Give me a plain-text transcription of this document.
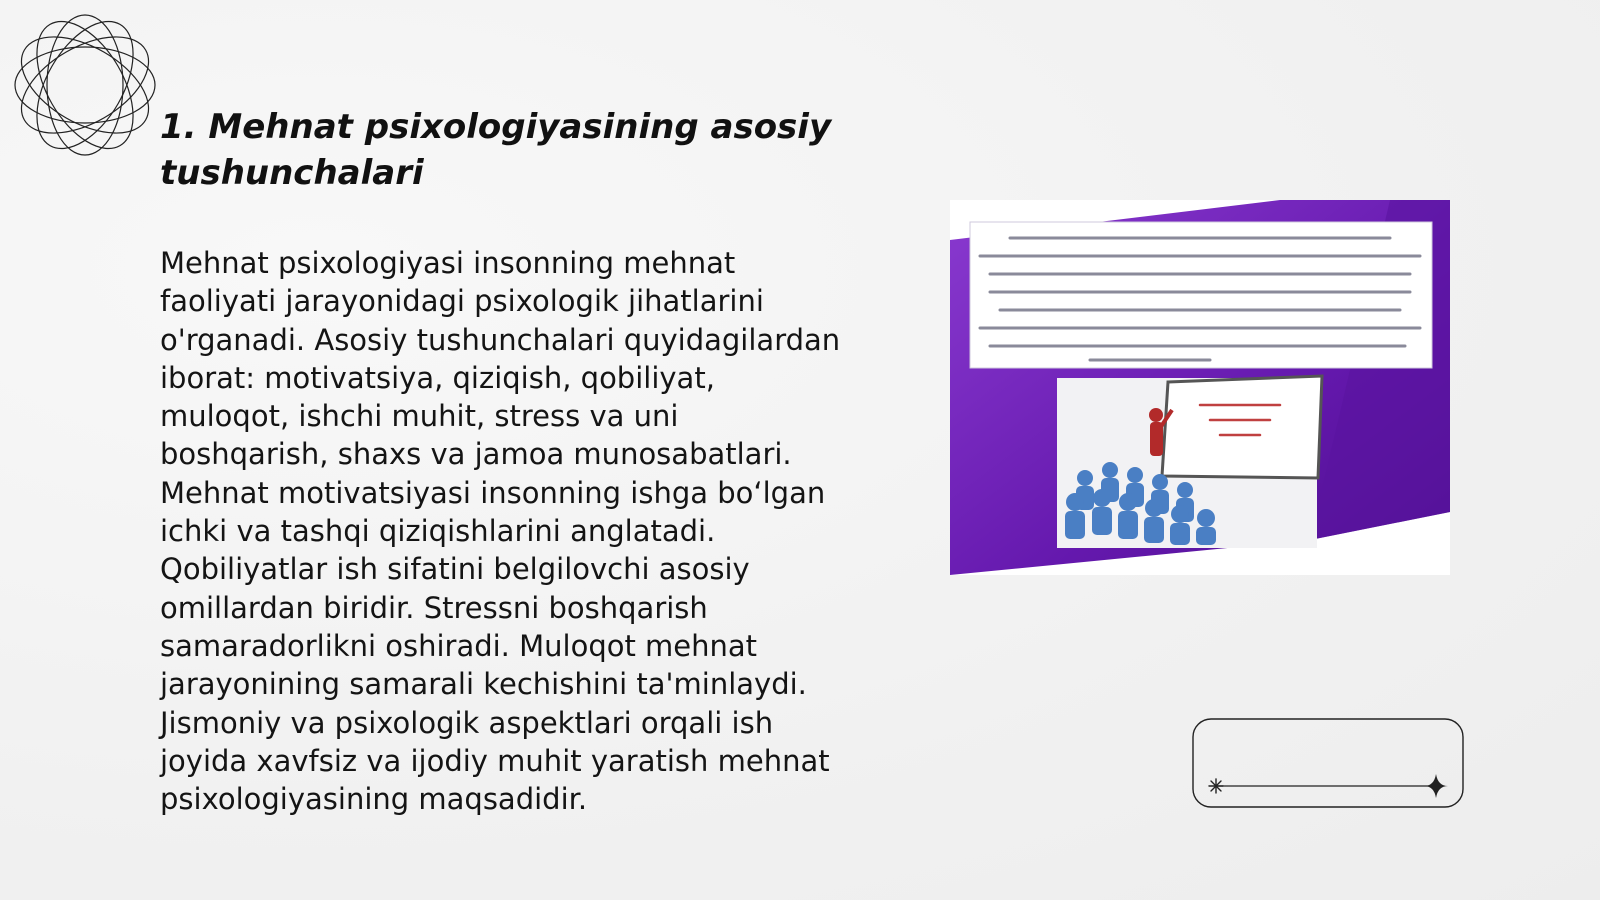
1. Mehnat psixologiyasining asosiy tushunchalari

Mehnat psixologiyasi insonning mehnat faoliyati jarayonidagi psixologik jihatlarini o'rganadi. Asosiy tushunchalari quyidagilardan iborat: motivatsiya, qiziqish, qobiliyat, muloqot, ishchi muhit, stress va uni boshqarish, shaxs va jamoa munosabatlari. Mehnat motivatsiyasi insonning ishga bo‘lgan ichki va tashqi qiziqishlarini anglatadi. Qobiliyatlar ish sifatini belgilovchi asosiy omillardan biridir. Stressni boshqarish samaradorlikni oshiradi. Muloqot mehnat jarayonining samarali kechishini ta'minlaydi. Jismoniy va psixologik aspektlari orqali ish joyida xavfsiz va ijodiy muhit yaratish mehnat psixologiyasining maqsadidir.
